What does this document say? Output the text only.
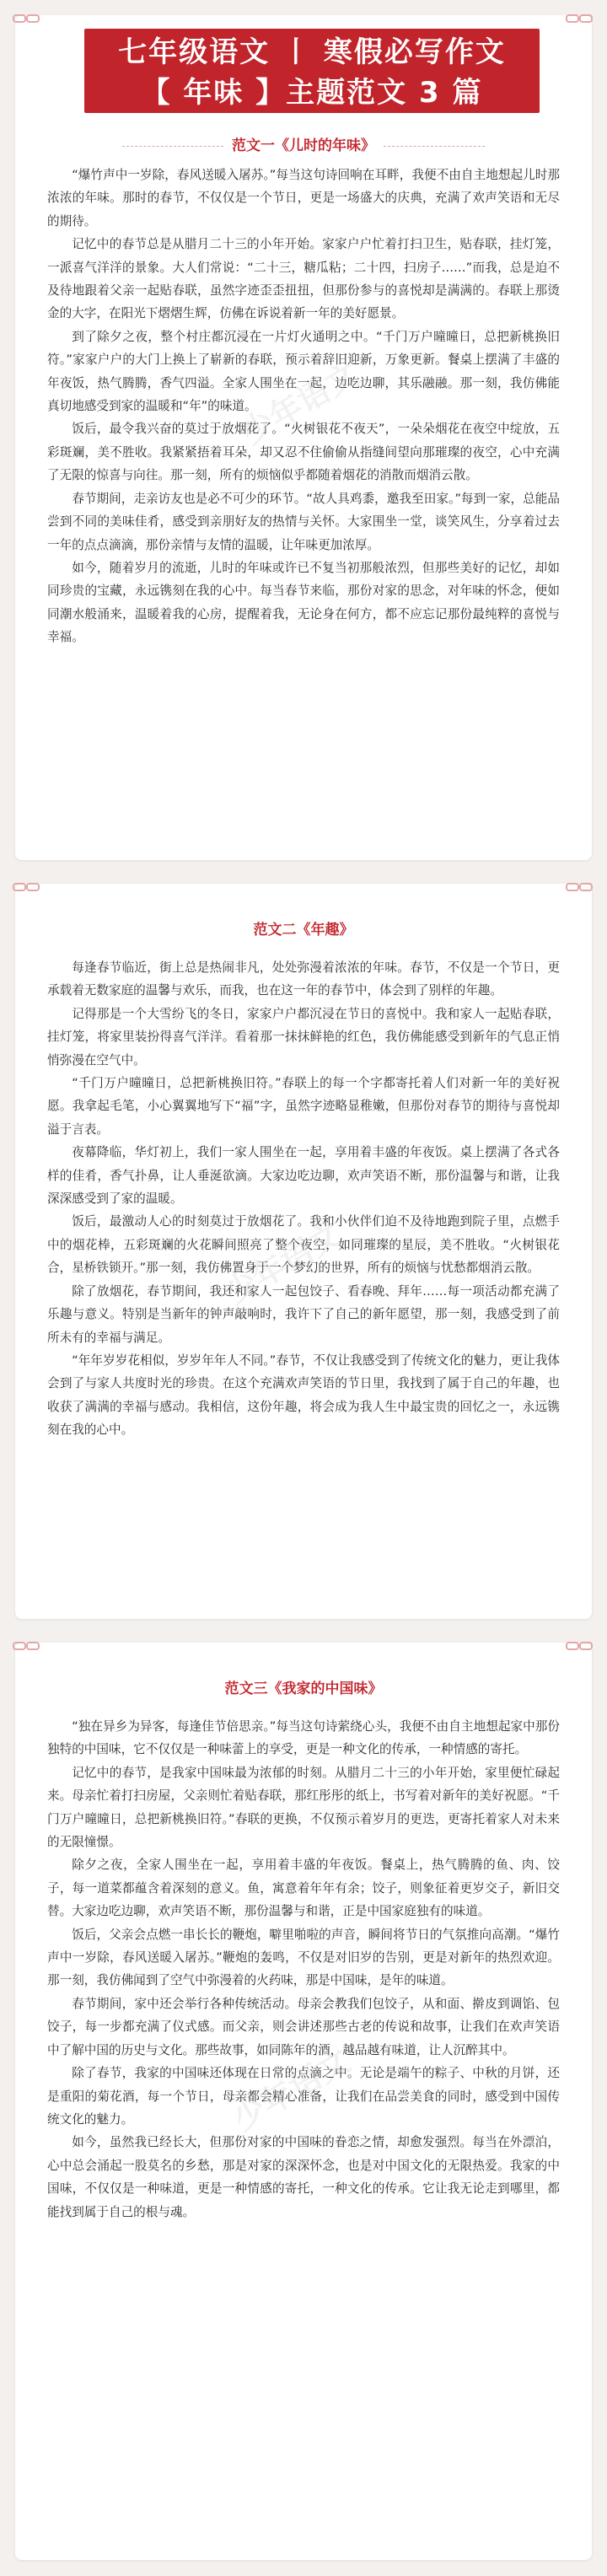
七年级语文 丨 寒假必写作文
【 年味 】主题范文 3 篇
范文一《儿时的年味》

“爆竹声中一岁除，春风送暖入屠苏。”每当这句诗回响在耳畔，我便不由自主地想起儿时那浓浓的年味。那时的春节，不仅仅是一个节日，更是一场盛大的庆典，充满了欢声笑语和无尽的期待。

记忆中的春节总是从腊月二十三的小年开始。家家户户忙着打扫卫生，贴春联，挂灯笼，一派喜气洋洋的景象。大人们常说：“二十三，糖瓜粘；二十四，扫房子……”而我，总是迫不及待地跟着父亲一起贴春联，虽然字迹歪歪扭扭，但那份参与的喜悦却是满满的。春联上那烫金的大字，在阳光下熠熠生辉，仿佛在诉说着新一年的美好愿景。

到了除夕之夜，整个村庄都沉浸在一片灯火通明之中。“千门万户曈曈日，总把新桃换旧符。”家家户户的大门上换上了崭新的春联，预示着辞旧迎新，万象更新。餐桌上摆满了丰盛的年夜饭，热气腾腾，香气四溢。全家人围坐在一起，边吃边聊，其乐融融。那一刻，我仿佛能真切地感受到家的温暖和“年”的味道。

饭后，最令我兴奋的莫过于放烟花了。“火树银花不夜天”，一朵朵烟花在夜空中绽放，五彩斑斓，美不胜收。我紧紧捂着耳朵，却又忍不住偷偷从指缝间望向那璀璨的夜空，心中充满了无限的惊喜与向往。那一刻，所有的烦恼似乎都随着烟花的消散而烟消云散。

春节期间，走亲访友也是必不可少的环节。“故人具鸡黍，邀我至田家。”每到一家，总能品尝到不同的美味佳肴，感受到亲朋好友的热情与关怀。大家围坐一堂，谈笑风生，分享着过去一年的点点滴滴，那份亲情与友情的温暖，让年味更加浓厚。

如今，随着岁月的流逝，儿时的年味或许已不复当初那般浓烈，但那些美好的记忆，却如同珍贵的宝藏，永远镌刻在我的心中。每当春节来临，那份对家的思念，对年味的怀念，便如同潮水般涌来，温暖着我的心房，提醒着我，无论身在何方，都不应忘记那份最纯粹的喜悦与幸福。

少年语文
范文二《年趣》

每逢春节临近，街上总是热闹非凡，处处弥漫着浓浓的年味。春节，不仅是一个节日，更承载着无数家庭的温馨与欢乐，而我，也在这一年的春节中，体会到了别样的年趣。

记得那是一个大雪纷飞的冬日，家家户户都沉浸在节日的喜悦中。我和家人一起贴春联，挂灯笼，将家里装扮得喜气洋洋。看着那一抹抹鲜艳的红色，我仿佛能感受到新年的气息正悄悄弥漫在空气中。

“千门万户曈曈日，总把新桃换旧符。”春联上的每一个字都寄托着人们对新一年的美好祝愿。我拿起毛笔，小心翼翼地写下“福”字，虽然字迹略显稚嫩，但那份对春节的期待与喜悦却溢于言表。

夜幕降临，华灯初上，我们一家人围坐在一起，享用着丰盛的年夜饭。桌上摆满了各式各样的佳肴，香气扑鼻，让人垂涎欲滴。大家边吃边聊，欢声笑语不断，那份温馨与和谐，让我深深感受到了家的温暖。

饭后，最激动人心的时刻莫过于放烟花了。我和小伙伴们迫不及待地跑到院子里，点燃手中的烟花棒，五彩斑斓的火花瞬间照亮了整个夜空，如同璀璨的星辰，美不胜收。“火树银花合，星桥铁锁开。”那一刻，我仿佛置身于一个梦幻的世界，所有的烦恼与忧愁都烟消云散。

除了放烟花，春节期间，我还和家人一起包饺子、看春晚、拜年……每一项活动都充满了乐趣与意义。特别是当新年的钟声敲响时，我许下了自己的新年愿望，那一刻，我感受到了前所未有的幸福与满足。

“年年岁岁花相似，岁岁年年人不同。”春节，不仅让我感受到了传统文化的魅力，更让我体会到了与家人共度时光的珍贵。在这个充满欢声笑语的节日里，我找到了属于自己的年趣，也收获了满满的幸福与感动。我相信，这份年趣，将会成为我人生中最宝贵的回忆之一，永远镌刻在我的心中。

少年语文
范文三《我家的中国味》

“独在异乡为异客，每逢佳节倍思亲。”每当这句诗萦绕心头，我便不由自主地想起家中那份独特的中国味，它不仅仅是一种味蕾上的享受，更是一种文化的传承，一种情感的寄托。

记忆中的春节，是我家中国味最为浓郁的时刻。从腊月二十三的小年开始，家里便忙碌起来。母亲忙着打扫房屋，父亲则忙着贴春联，那红彤彤的纸上，书写着对新年的美好祝愿。“千门万户曈曈日，总把新桃换旧符。”春联的更换，不仅预示着岁月的更迭，更寄托着家人对未来的无限憧憬。

除夕之夜，全家人围坐在一起，享用着丰盛的年夜饭。餐桌上，热气腾腾的鱼、肉、饺子，每一道菜都蕴含着深刻的意义。鱼，寓意着年年有余；饺子，则象征着更岁交子，新旧交替。大家边吃边聊，欢声笑语不断，那份温馨与和谐，正是中国家庭独有的味道。

饭后，父亲会点燃一串长长的鞭炮，噼里啪啦的声音，瞬间将节日的气氛推向高潮。“爆竹声中一岁除，春风送暖入屠苏。”鞭炮的轰鸣，不仅是对旧岁的告别，更是对新年的热烈欢迎。那一刻，我仿佛闻到了空气中弥漫着的火药味，那是中国味，是年的味道。

春节期间，家中还会举行各种传统活动。母亲会教我们包饺子，从和面、擀皮到调馅、包饺子，每一步都充满了仪式感。而父亲，则会讲述那些古老的传说和故事，让我们在欢声笑语中了解中国的历史与文化。那些故事，如同陈年的酒，越品越有味道，让人沉醉其中。

除了春节，我家的中国味还体现在日常的点滴之中。无论是端午的粽子、中秋的月饼，还是重阳的菊花酒，每一个节日，母亲都会精心准备，让我们在品尝美食的同时，感受到中国传统文化的魅力。

如今，虽然我已经长大，但那份对家的中国味的眷恋之情，却愈发强烈。每当在外漂泊，心中总会涌起一股莫名的乡愁，那是对家的深深怀念，也是对中国文化的无限热爱。我家的中国味，不仅仅是一种味道，更是一种情感的寄托，一种文化的传承。它让我无论走到哪里，都能找到属于自己的根与魂。

少年语文
